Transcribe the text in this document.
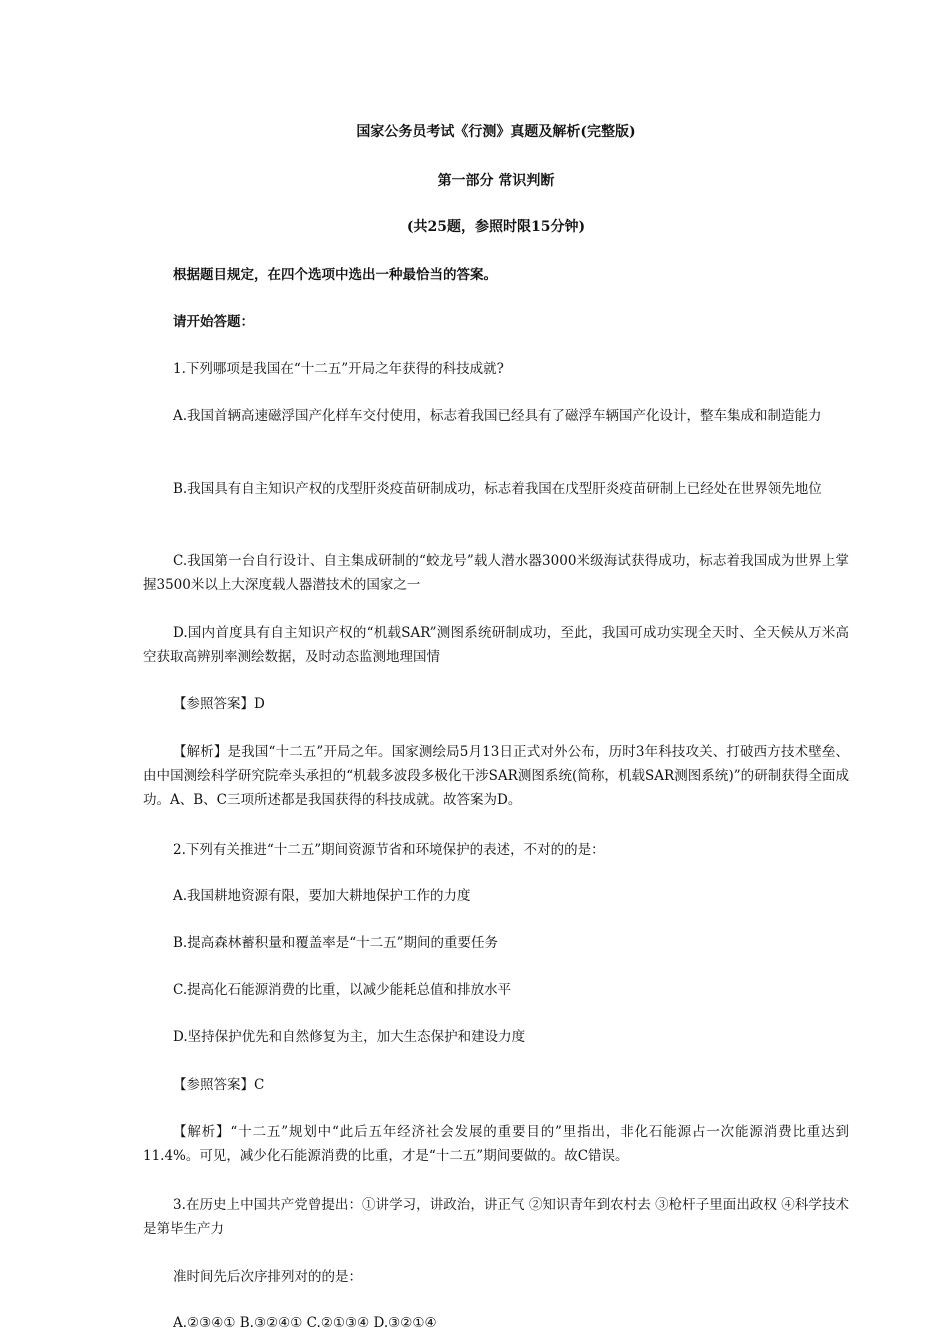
国家公务员考试《行测》真题及解析(完整版)
第一部分 常识判断
(共25题，参照时限15分钟)
根据题目规定，在四个选项中选出一种最恰当的答案。
请开始答题：
1.下列哪项是我国在“十二五”开局之年获得的科技成就?
A.我国首辆高速磁浮国产化样车交付使用，标志着我国已经具有了磁浮车辆国产化设计，整车集成和制造能力
B.我国具有自主知识产权的戊型肝炎疫苗研制成功，标志着我国在戊型肝炎疫苗研制上已经处在世界领先地位
C.我国第一台自行设计、自主集成研制的“蛟龙号”载人潜水器3000米级海试获得成功，标志着我国成为世界上掌握3500米以上大深度载人器潜技术的国家之一
D.国内首度具有自主知识产权的“机载SAR”测图系统研制成功，至此，我国可成功实现全天时、全天候从万米高空获取高辨别率测绘数据，及时动态监测地理国情
【参照答案】D
【解析】是我国“十二五”开局之年。国家测绘局5月13日正式对外公布，历时3年科技攻关、打破西方技术壁垒、由中国测绘科学研究院牵头承担的“机载多波段多极化干涉SAR测图系统(简称，机载SAR测图系统)”的研制获得全面成功。A、B、C三项所述都是我国获得的科技成就。故答案为D。
2.下列有关推进“十二五”期间资源节省和环境保护的表述，不对的的是：
A.我国耕地资源有限，要加大耕地保护工作的力度
B.提高森林蓄积量和覆盖率是“十二五”期间的重要任务
C.提高化石能源消费的比重，以减少能耗总值和排放水平
D.坚持保护优先和自然修复为主，加大生态保护和建设力度
【参照答案】C
【解析】“十二五”规划中“此后五年经济社会发展的重要目的”里指出，非化石能源占一次能源消费比重达到11.4%。可见，减少化石能源消费的比重，才是“十二五”期间要做的。故C错误。
3.在历史上中国共产党曾提出：①讲学习，讲政治，讲正气 ②知识青年到农村去 ③枪杆子里面出政权 ④科学技术是第毕生产力
准时间先后次序排列对的的是：
A.②③④① B.③②④① C.②①③④ D.③②①④
